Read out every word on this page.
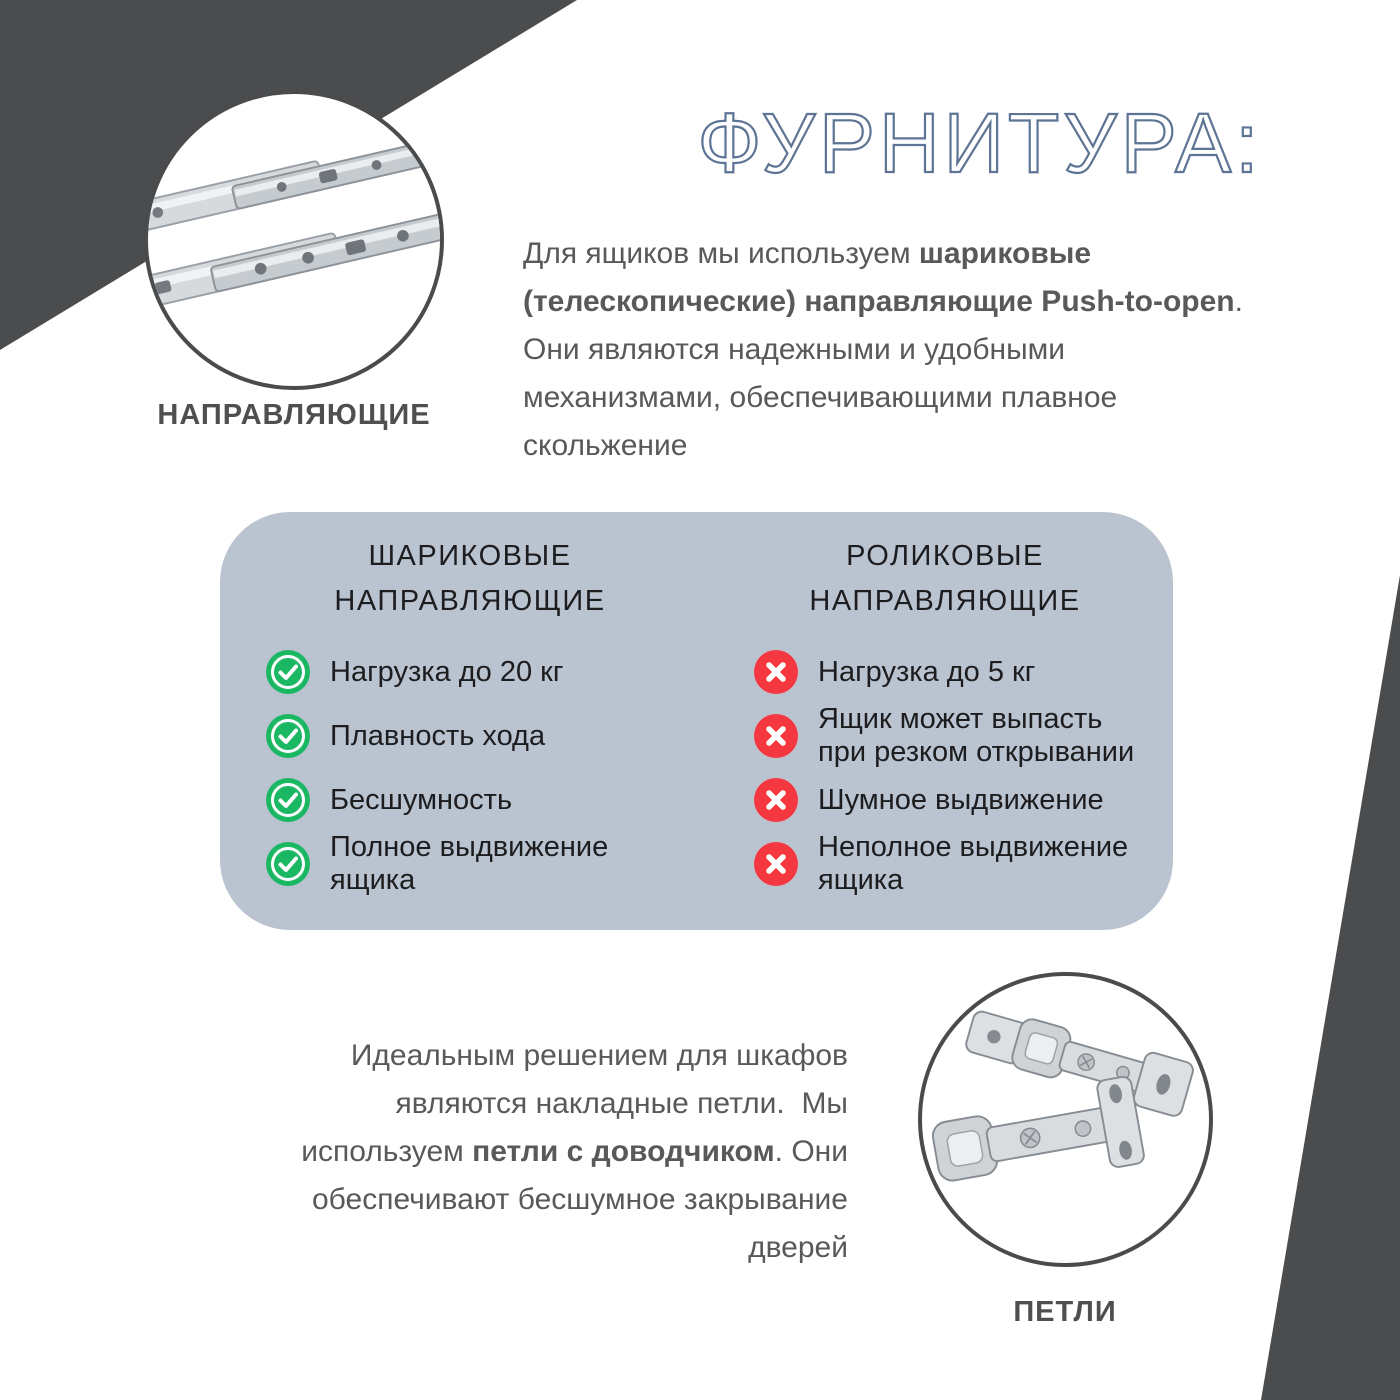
ФУРНИТУРА:
НАПРАВЛЯЮЩИЕ
Для ящиков мы используем шариковые
(телескопические) направляющие Push-to-open.
Они являются надежными и удобными
механизмами, обеспечивающими плавное
скольжение
ШАРИКОВЫЕ
НАПРАВЛЯЮЩИЕ
РОЛИКОВЫЕ
НАПРАВЛЯЮЩИЕ
Нагрузка до 20 кг
Плавность хода
Бесшумность
Полное выдвижение
ящика
Нагрузка до 5 кг
Ящик может выпасть
при резком открывании
Шумное выдвижение
Неполное выдвижение
ящика
Идеальным решением для шкафов
являются накладные петли.  Мы
используем петли с доводчиком. Они
обеспечивают бесшумное закрывание
дверей
ПЕТЛИ
